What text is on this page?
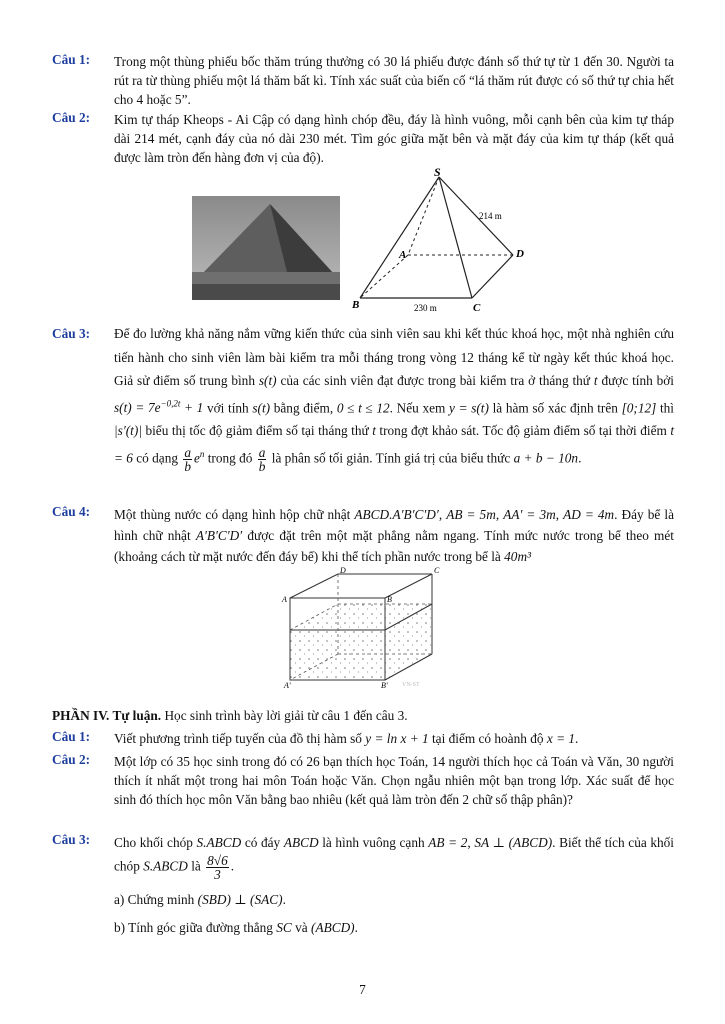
Câu 1: Trong một thùng phiếu bốc thăm trúng thưởng có 30 lá phiếu được đánh số thứ tự từ 1 đến 30. Người ta rút ra từ thùng phiếu một lá thăm bất kì. Tính xác suất của biến cố “lá thăm rút được có số thứ tự chia hết cho 4 hoặc 5”.
Câu 2: Kim tự tháp Kheops - Ai Cập có dạng hình chóp đều, đáy là hình vuông, mỗi cạnh bên của kim tự tháp dài 214 mét, cạnh đáy của nó dài 230 mét. Tìm góc giữa mặt bên và mặt đáy của kim tự tháp (kết quả được làm tròn đến hàng đơn vị của độ).
S
A
B	C
D
214 m
230 m
Câu 3: Để đo lường khả năng nắm vững kiến thức của sinh viên sau khi kết thúc khoá học, một nhà nghiên cứu tiến hành cho sinh viên làm bài kiểm tra mỗi tháng trong vòng 12 tháng kể từ ngày kết thúc khoá học. Giả sử điểm số trung bình s(t) của các sinh viên đạt được trong bài kiểm tra ở tháng thứ t được tính bởi $s(t) = 7e^{-0,2t} + 1$ với tính s(t) bằng điểm, 0 ≤ t ≤ 12. Nếu xem y = s(t) là hàm số xác định trên [0;12] thì |s′(t)| biểu thị tốc độ giảm điểm số tại tháng thứ t trong đợt khảo sát. Tốc độ giảm điểm số tại thời điểm t = 6 có dạng $\frac{a}{b} e^n$ trong đó $\frac{a}{b}$ là phân số tối giản. Tính giá trị của biểu thức a + b − 10n.
Câu 4: Một thùng nước có dạng hình hộp chữ nhật ABCD.A′B′C′D′, AB = 5m, AA′ = 3m, AD = 4m. Đáy bể là hình chữ nhật A′B′C′D′ được đặt trên một mặt phẳng nằm ngang. Tính mức nước trong bể theo mét (khoảng cách từ mặt nước đến đáy bể) khi thể tích phần nước trong bể là 40m³
D	C
A	B
A'	B' VN-ST
PHẦN IV. Tự luận. Học sinh trình bày lời giải từ câu 1 đến câu 3.
Câu 1: Viết phương trình tiếp tuyến của đồ thị hàm số y = ln x + 1 tại điểm có hoành độ x = 1.
Câu 2: Một lớp có 35 học sinh trong đó có 26 bạn thích học Toán, 14 người thích học cả Toán và Văn, 30 người thích ít nhất một trong hai môn Toán hoặc Văn. Chọn ngẫu nhiên một bạn trong lớp. Xác suất để học sinh đó thích học môn Văn bằng bao nhiêu (kết quả làm tròn đến 2 chữ số thập phân)?
Câu 3: Cho khối chóp S.ABCD có đáy ABCD là hình vuông cạnh AB = 2, SA ⊥ (ABCD). Biết thể tích của khối chóp S.ABCD là $\frac{8√6}{3}$ .
a) Chứng minh (SBD) ⊥ (SAC).
b) Tính góc giữa đường thẳng SC và (ABCD).
7
